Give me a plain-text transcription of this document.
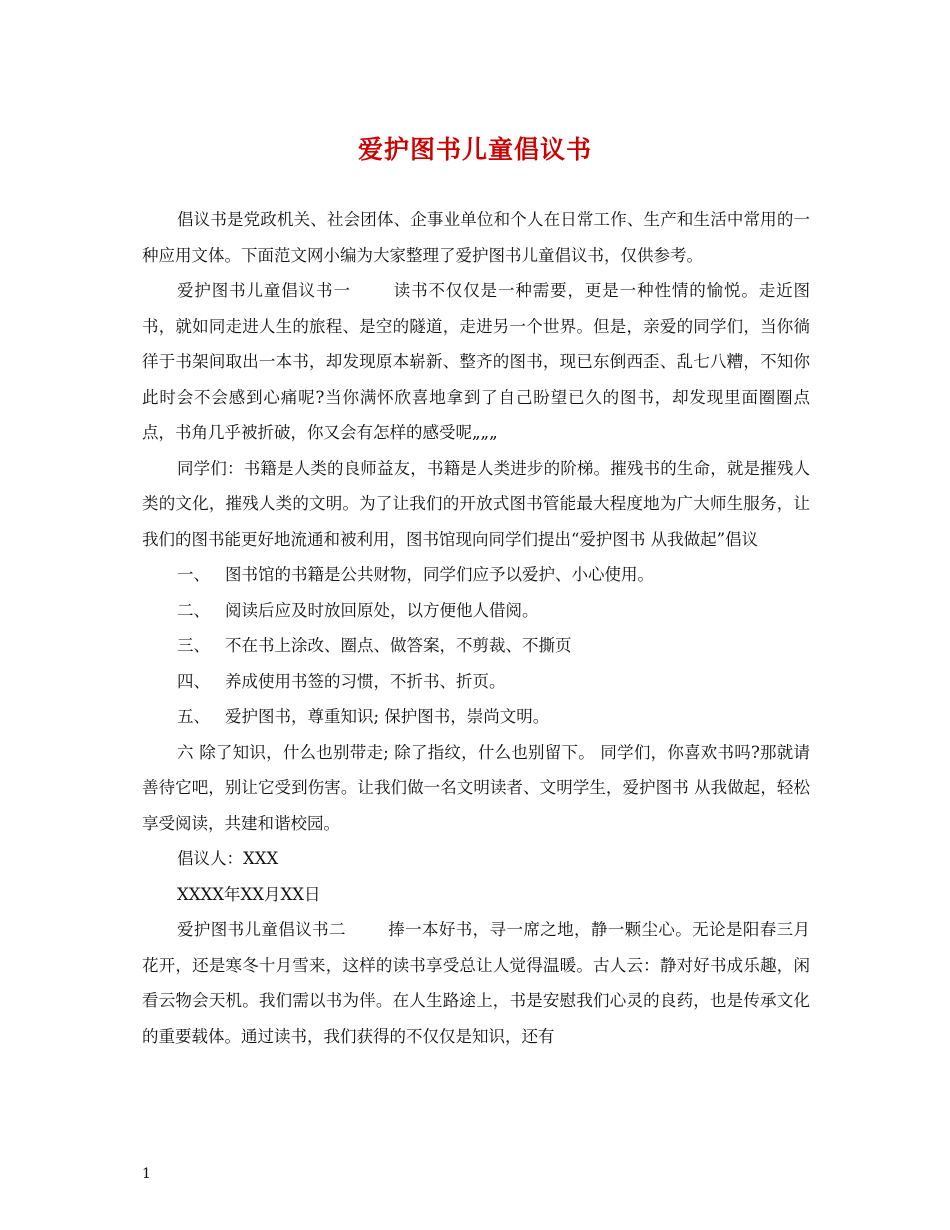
爱护图书儿童倡议书

倡议书是党政机关、社会团体、企事业单位和个人在日常工作、生产和生活中常用的一种应用文体。下面范文网小编为大家整理了爱护图书儿童倡议书，仅供参考。

爱护图书儿童倡议书一	读书不仅仅是一种需要，更是一种性情的愉悦。走近图书，就如同走进人生的旅程、是空的隧道，走进另一个世界。但是，亲爱的同学们，当你徜徉于书架间取出一本书，却发现原本崭新、整齐的图书，现已东倒西歪、乱七八糟，不知你此时会不会感到心痛呢?当你满怀欣喜地拿到了自己盼望已久的图书，却发现里面圈圈点点，书角几乎被折破，你又会有怎样的感受呢„„„

同学们：书籍是人类的良师益友，书籍是人类进步的阶梯。摧残书的生命，就是摧残人类的文化，摧残人类的文明。为了让我们的开放式图书管能最大程度地为广大师生服务，让我们的图书能更好地流通和被利用，图书馆现向同学们提出“爱护图书 从我做起”倡议

一、 图书馆的书籍是公共财物，同学们应予以爱护、小心使用。

二、 阅读后应及时放回原处，以方便他人借阅。

三、 不在书上涂改、圈点、做答案，不剪裁、不撕页

四、 养成使用书签的习惯，不折书、折页。

五、 爱护图书，尊重知识; 保护图书，崇尚文明。

六 除了知识，什么也别带走; 除了指纹，什么也别留下。 同学们，你喜欢书吗?那就请善待它吧，别让它受到伤害。让我们做一名文明读者、文明学生，爱护图书 从我做起，轻松享受阅读，共建和谐校园。

倡议人：XXX

XXXX年XX月XX日

爱护图书儿童倡议书二	捧一本好书，寻一席之地，静一颗尘心。无论是阳春三月花开，还是寒冬十月雪来，这样的读书享受总让人觉得温暖。古人云：静对好书成乐趣，闲看云物会天机。我们需以书为伴。在人生路途上，书是安慰我们心灵的良药，也是传承文化的重要载体。通过读书，我们获得的不仅仅是知识，还有

1
